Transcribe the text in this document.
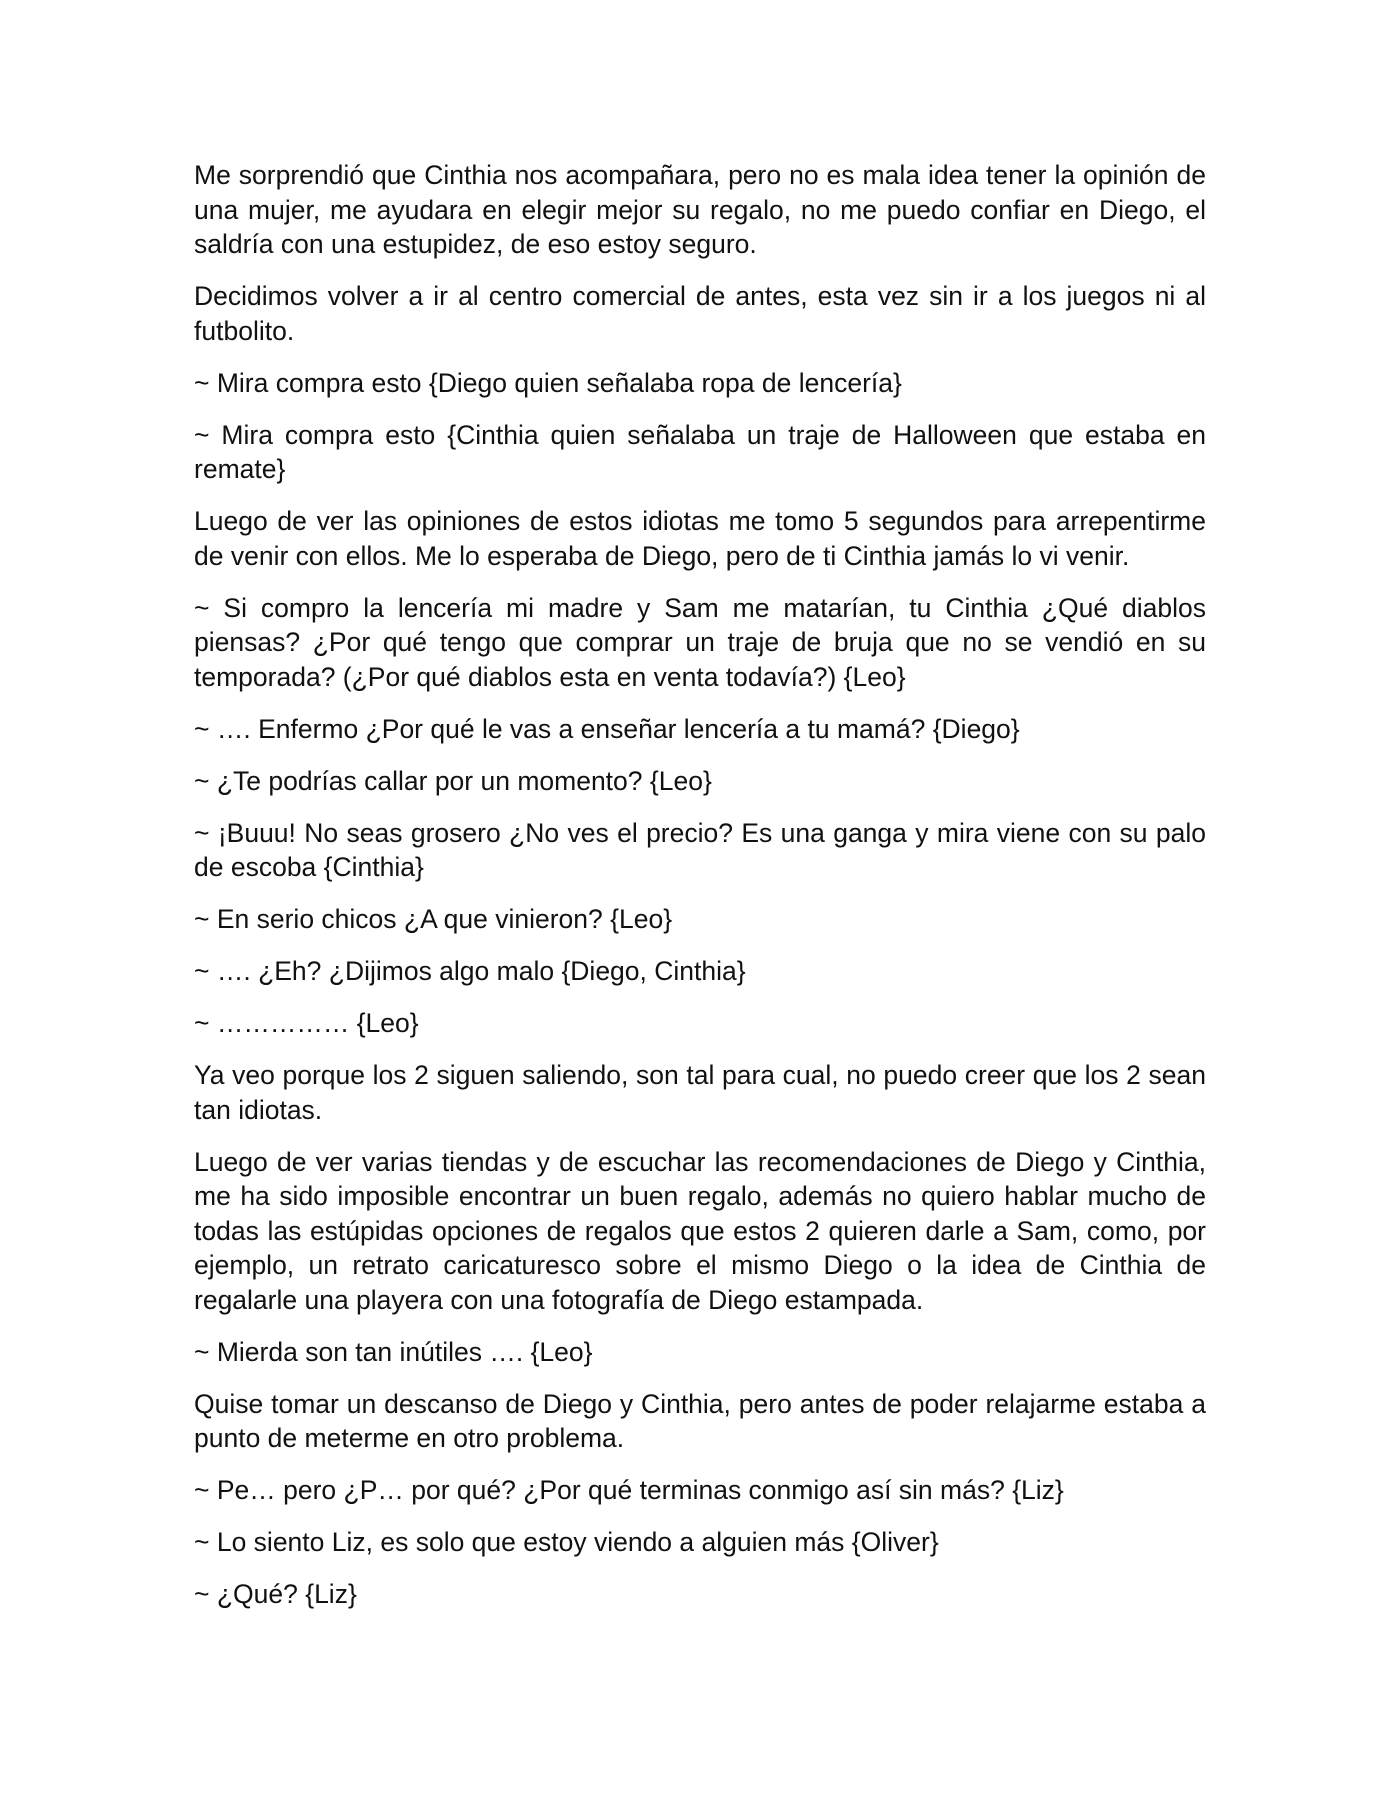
Me sorprendió que Cinthia nos acompañara, pero no es mala idea tener la opinión de una mujer, me ayudara en elegir mejor su regalo, no me puedo confiar en Diego, el saldría con una estupidez, de eso estoy seguro.

Decidimos volver a ir al centro comercial de antes, esta vez sin ir a los juegos ni al futbolito.

~ Mira compra esto {Diego quien señalaba ropa de lencería}

~ Mira compra esto {Cinthia quien señalaba un traje de Halloween que estaba en remate}

Luego de ver las opiniones de estos idiotas me tomo 5 segundos para arrepentirme de venir con ellos. Me lo esperaba de Diego, pero de ti Cinthia jamás lo vi venir.

~ Si compro la lencería mi madre y Sam me matarían, tu Cinthia ¿Qué diablos piensas? ¿Por qué tengo que comprar un traje de bruja que no se vendió en su temporada? (¿Por qué diablos esta en venta todavía?) {Leo}

~ …. Enfermo ¿Por qué le vas a enseñar lencería a tu mamá? {Diego}

~ ¿Te podrías callar por un momento? {Leo}

~ ¡Buuu! No seas grosero ¿No ves el precio? Es una ganga y mira viene con su palo de escoba {Cinthia}

~ En serio chicos ¿A que vinieron? {Leo}

~ …. ¿Eh? ¿Dijimos algo malo {Diego, Cinthia}

~ …………… {Leo}

Ya veo porque los 2 siguen saliendo, son tal para cual, no puedo creer que los 2 sean tan idiotas.

Luego de ver varias tiendas y de escuchar las recomendaciones de Diego y Cinthia, me ha sido imposible encontrar un buen regalo, además no quiero hablar mucho de todas las estúpidas opciones de regalos que estos 2 quieren darle a Sam, como, por ejemplo, un retrato caricaturesco sobre el mismo Diego o la idea de Cinthia de regalarle una playera con una fotografía de Diego estampada.

~ Mierda son tan inútiles …. {Leo}

Quise tomar un descanso de Diego y Cinthia, pero antes de poder relajarme estaba a punto de meterme en otro problema.

~ Pe… pero ¿P… por qué? ¿Por qué terminas conmigo así sin más? {Liz}

~ Lo siento Liz, es solo que estoy viendo a alguien más {Oliver}

~ ¿Qué? {Liz}
